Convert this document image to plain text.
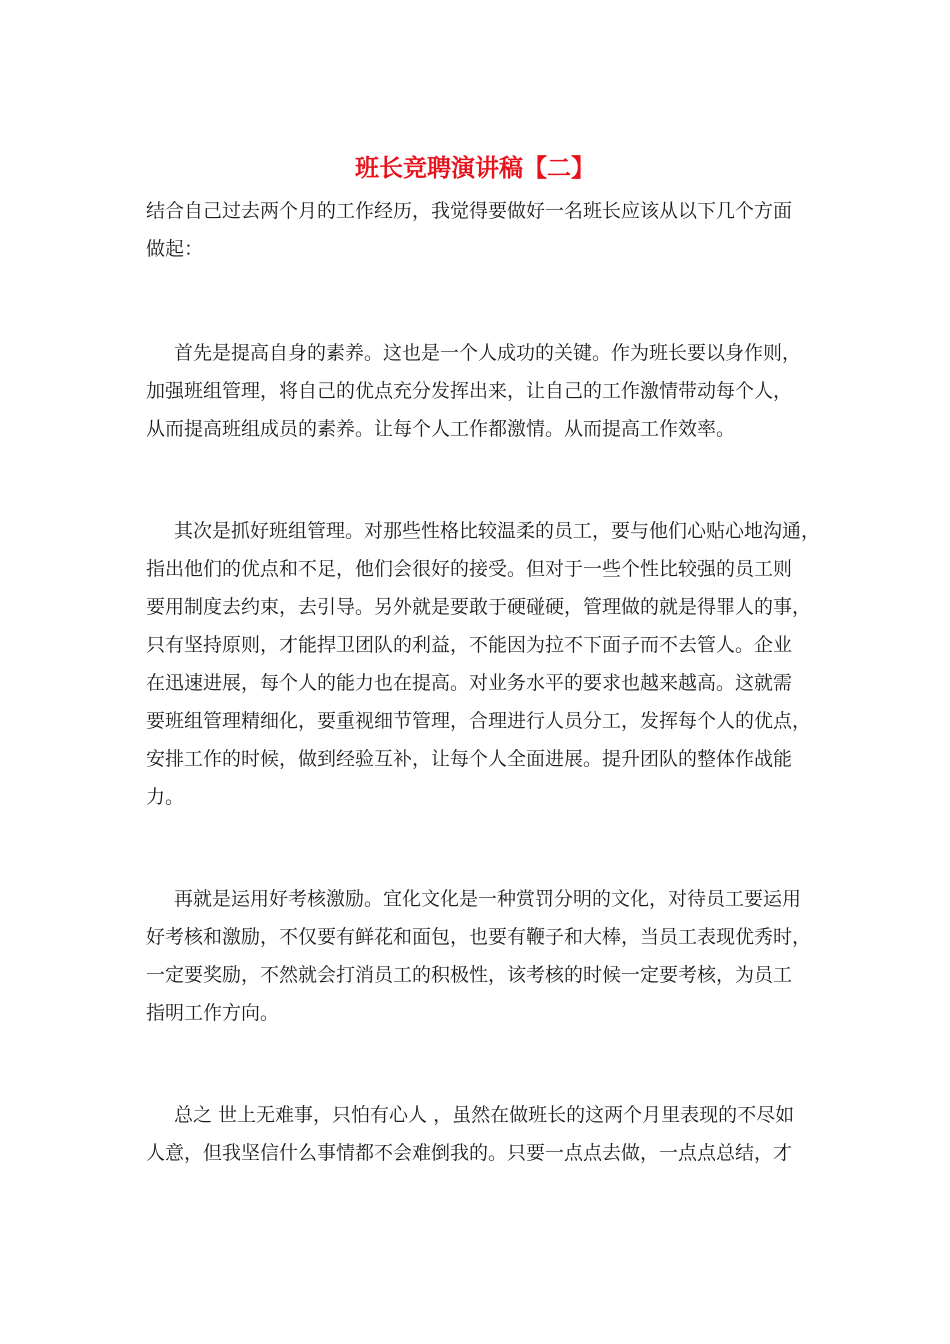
班长竞聘演讲稿【二】

结合自己过去两个月的工作经历，我觉得要做好一名班长应该从以下几个方面

做起：

首先是提高自身的素养。这也是一个人成功的关键。作为班长要以身作则，

加强班组管理，将自己的优点充分发挥出来，让自己的工作激情带动每个人，

从而提高班组成员的素养。让每个人工作都激情。从而提高工作效率。

其次是抓好班组管理。对那些性格比较温柔的员工，要与他们心贴心地沟通，

指出他们的优点和不足，他们会很好的接受。但对于一些个性比较强的员工则

要用制度去约束，去引导。另外就是要敢于硬碰硬，管理做的就是得罪人的事，

只有坚持原则，才能捍卫团队的利益，不能因为拉不下面子而不去管人。企业

在迅速进展，每个人的能力也在提高。对业务水平的要求也越来越高。这就需

要班组管理精细化，要重视细节管理，合理进行人员分工，发挥每个人的优点，

安排工作的时候，做到经验互补，让每个人全面进展。提升团队的整体作战能

力。

再就是运用好考核激励。宜化文化是一种赏罚分明的文化，对待员工要运用

好考核和激励，不仅要有鲜花和面包，也要有鞭子和大棒，当员工表现优秀时，

一定要奖励，不然就会打消员工的积极性，该考核的时候一定要考核，为员工

指明工作方向。

总之 世上无难事，只怕有心人 ，虽然在做班长的这两个月里表现的不尽如

人意，但我坚信什么事情都不会难倒我的。只要一点点去做，一点点总结，才
